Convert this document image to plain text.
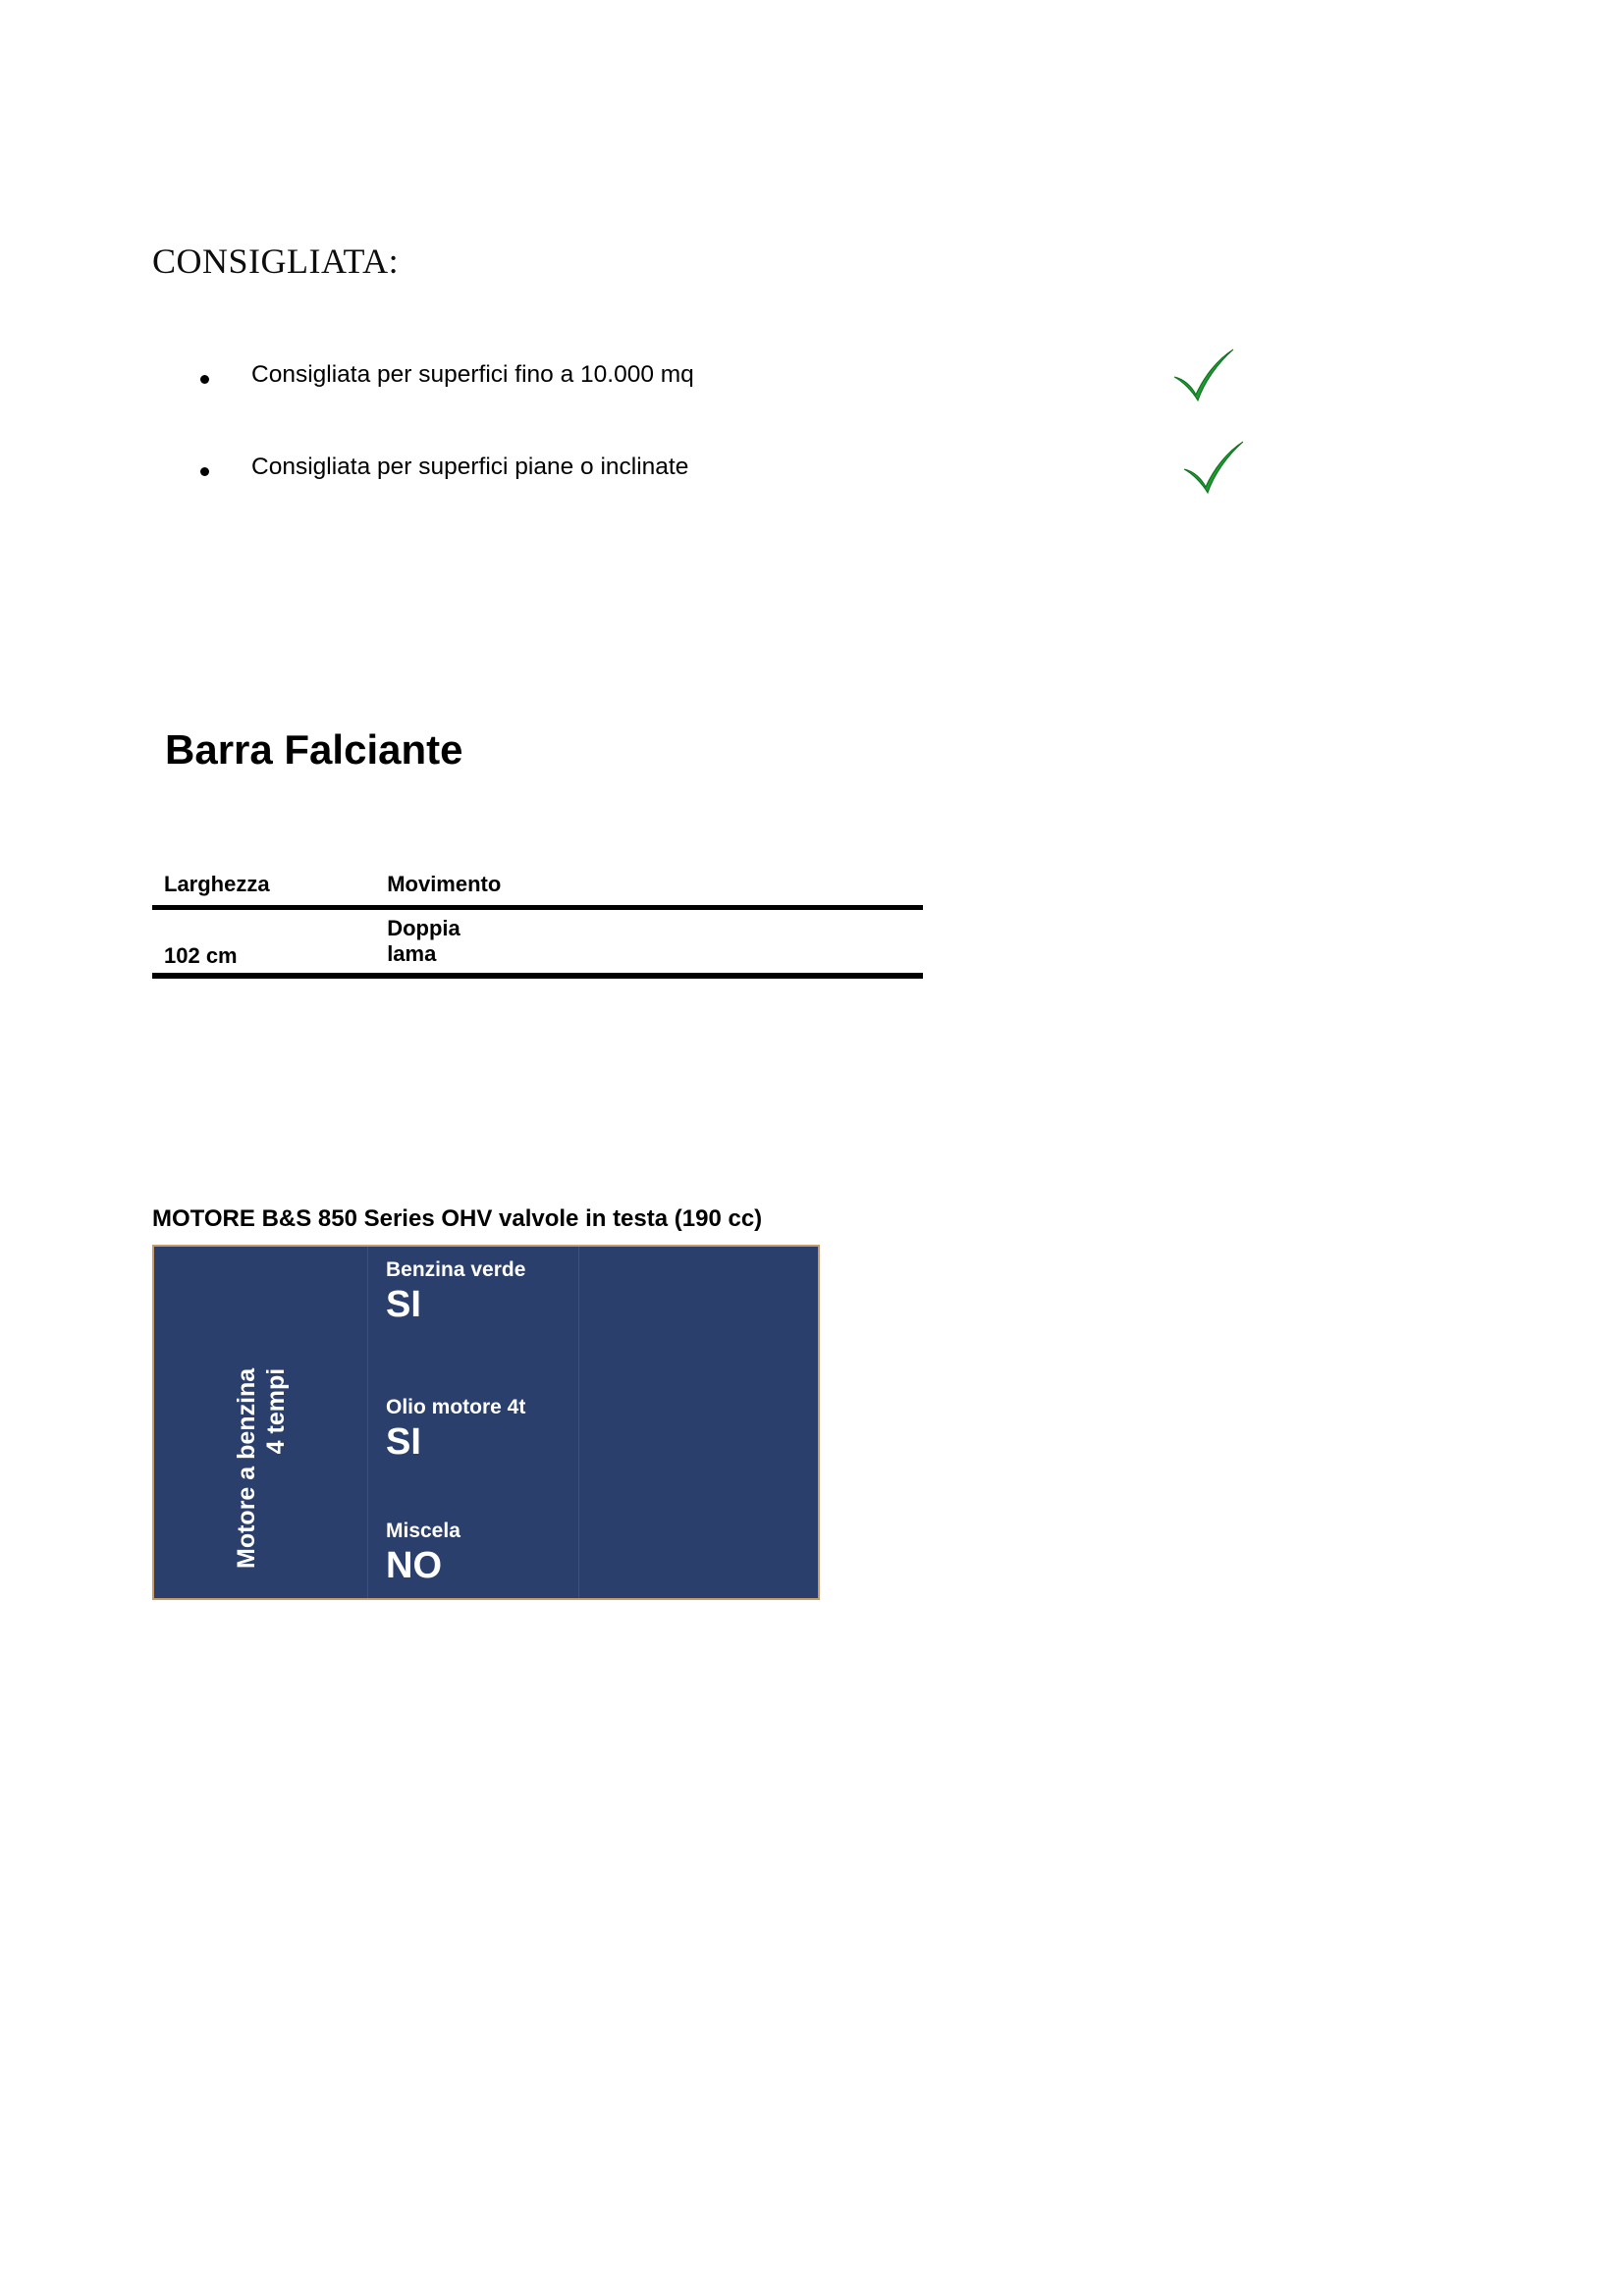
CONSIGLIATA:
Consigliata per superfici fino a 10.000 mq
Consigliata per superfici piane o inclinate
Barra Falciante
Larghezza	Movimento

102 cm	Doppia
lama
MOTORE B&S 850 Series OHV valvole in testa (190 cc)
Motore a benzina 4 tempi
Benzina verde
SI
Olio motore 4t
SI
Miscela
NO
